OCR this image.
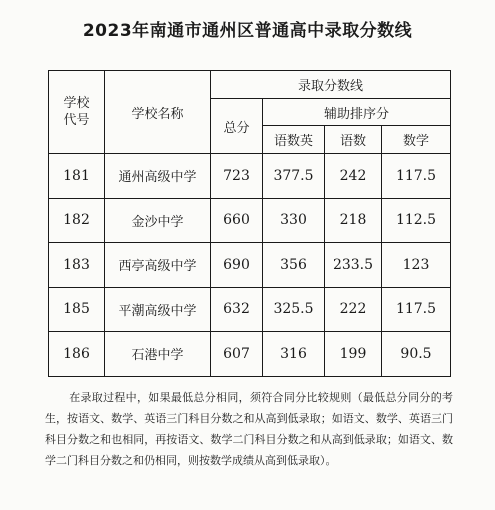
2023年南通市通州区普通高中录取分数线
学校代号	学校名称	录取分数线			
		总分	辅助排序分		
			语数英	语数	数学
181	通州高级中学	723	377.5	242	117.5
182	金沙中学	660	330	218	112.5
183	西亭高级中学	690	356	233.5	123
185	平潮高级中学	632	325.5	222	117.5
186	石港中学	607	316	199	90.5

在录取过程中，如果最低总分相同，须符合同分比较规则（最低总分同分的考生，按语文、数学、英语三门科目分数之和从高到低录取；如语文、数学、英语三门科目分数之和也相同，再按语文、数学二门科目分数之和从高到低录取；如语文、数学二门科目分数之和仍相同，则按数学成绩从高到低录取）。
